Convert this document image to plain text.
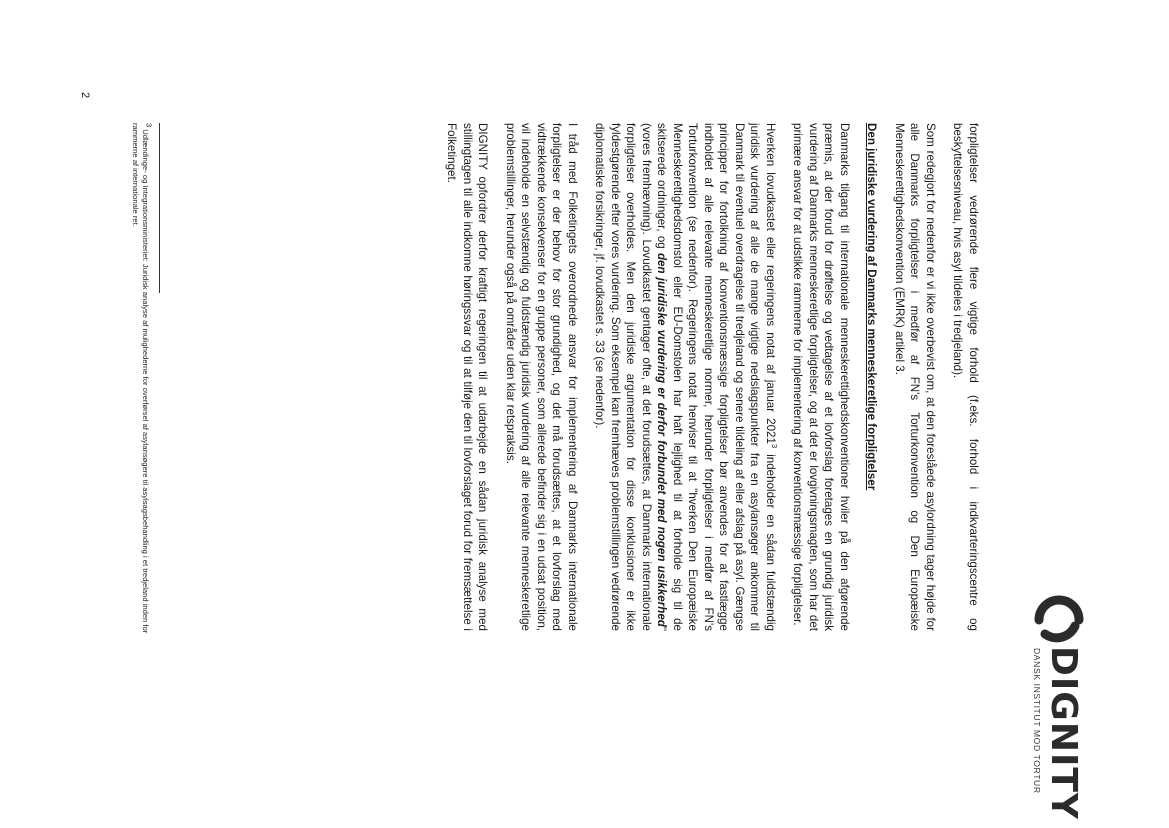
DIGNITY
DANSK INSTITUT MOD TORTUR

forpligtelser vedrørende flere vigtige forhold (f.eks. forhold i indkvarteringscentre og beskyttelsesniveau, hvis asyl tildeles i tredjeland).

Som redegjort for nedenfor er vi ikke overbevist om, at den foreslåede asylordning tager højde for alle Danmarks forpligtelser i medfør af FN's Torturkonvention og Den Europæiske Menneskerettighedskonvention (EMRK) artikel 3.

Den juridiske vurdering af Danmarks menneskeretlige forpligtelser

Danmarks tilgang til internationale menneskerettighedskonventioner hviler på den afgørende præmis, at der forud for drøftelse og vedtagelse af et lovforslag foretages en grundig juridisk vurdering af Danmarks menneskeretlige forpligtelser, og at det er lovgivningsmagten, som har det primære ansvar for at udstikke rammerne for implementering af konventionsmæssige forpligtelser.

Hverken lovudkastet eller regeringens notat af januar 2021$^3$ indeholder en sådan fuldstændig juridisk vurdering af alle de mange vigtige nedslagspunkter fra en asylansøger ankommer til Danmark til eventuel overdragelse til tredjeland og senere tildeling af eller afslag på asyl. Gængse principper for fortolkning af konventionsmæssige forpligtelser bør anvendes for at fastlægge indholdet af alle relevante menneskeretlige normer, herunder forpligtelser i medfør af FN's Torturkonvention (se nedenfor). Regeringens notat henviser til at "hverken Den Europæiske Menneskerettighedsdomstol eller EU-Domstolen har haft lejlighed til at forholde sig til de skitserede ordninger, og den juridiske vurdering er derfor forbundet med nogen usikkerhed" (vores fremhævning). Lovudkastet gentager ofte, at det forudsættes, at Danmarks internationale forpligtelser overholdes. Men den juridiske argumentation for disse konklusioner er ikke fyldestgørende efter vores vurdering. Som eksempel kan fremhæves problemstillingen vedrørende diplomatiske forsikringer, jf. lovudkastet s. 33 (se nedenfor).

I tråd med Folketingets overordnede ansvar for implementering af Danmarks internationale forpligtelser er der behov for stor grundighed, og det må forudsættes, at et lovforslag med vidtrækkende konsekvenser for en gruppe personer, som allerede befinder sig i en udsat position, vil indeholde en selvstændig og fuldstændig juridisk vurdering af alle relevante menneskeretlige problemstillinger, herunder også på områder uden klar retspraksis.

DIGNITY opfordrer derfor kraftigt regeringen til at udarbejde en sådan juridisk analyse med stillingtagen til alle indkomne høringssvar og til at tilføje den til lovforslaget forud for fremsættelse i Folketinget.

$^3$ Udlændinge- og Integrationsministeriet: Juridisk analyse af mulighederne for overførsel af asylansøgere til asylsagsbehandling i et tredjeland inden for rammerne af internationale ret.
2
